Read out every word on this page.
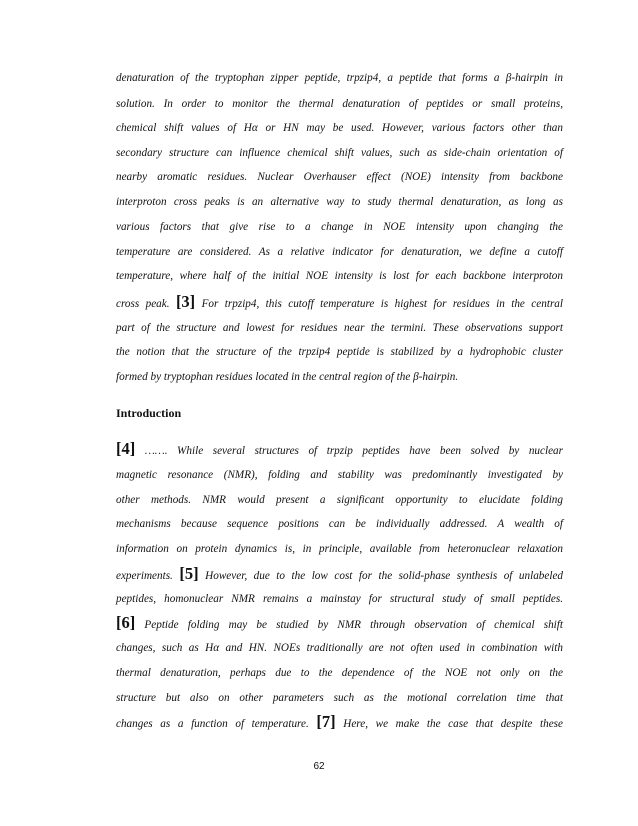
denaturation of the tryptophan zipper peptide, trpzip4, a peptide that forms a β-hairpin in

solution. In order to monitor the thermal denaturation of peptides or small proteins,

chemical shift values of Hα or HN may be used. However, various factors other than

secondary structure can influence chemical shift values, such as side-chain orientation of

nearby aromatic residues. Nuclear Overhauser effect (NOE) intensity from backbone

interproton cross peaks is an alternative way to study thermal denaturation, as long as

various factors that give rise to a change in NOE intensity upon changing the

temperature are considered. As a relative indicator for denaturation, we define a cutoff

temperature, where half of the initial NOE intensity is lost for each backbone interproton

cross peak. [3] For trpzip4, this cutoff temperature is highest for residues in the central

part of the structure and lowest for residues near the termini. These observations support

the notion that the structure of the trpzip4 peptide is stabilized by a hydrophobic cluster

formed by tryptophan residues located in the central region of the β-hairpin.

Introduction

[4] ……. While several structures of trpzip peptides have been solved by nuclear

magnetic resonance (NMR), folding and stability was predominantly investigated by

other methods. NMR would present a significant opportunity to elucidate folding

mechanisms because sequence positions can be individually addressed. A wealth of

information on protein dynamics is, in principle, available from heteronuclear relaxation

experiments. [5] However, due to the low cost for the solid-phase synthesis of unlabeled

peptides, homonuclear NMR remains a mainstay for structural study of small peptides.

[6] Peptide folding may be studied by NMR through observation of chemical shift

changes, such as Hα and HN. NOEs traditionally are not often used in combination with

thermal denaturation, perhaps due to the dependence of the NOE not only on the

structure but also on other parameters such as the motional correlation time that

changes as a function of temperature. [7] Here, we make the case that despite these

62
